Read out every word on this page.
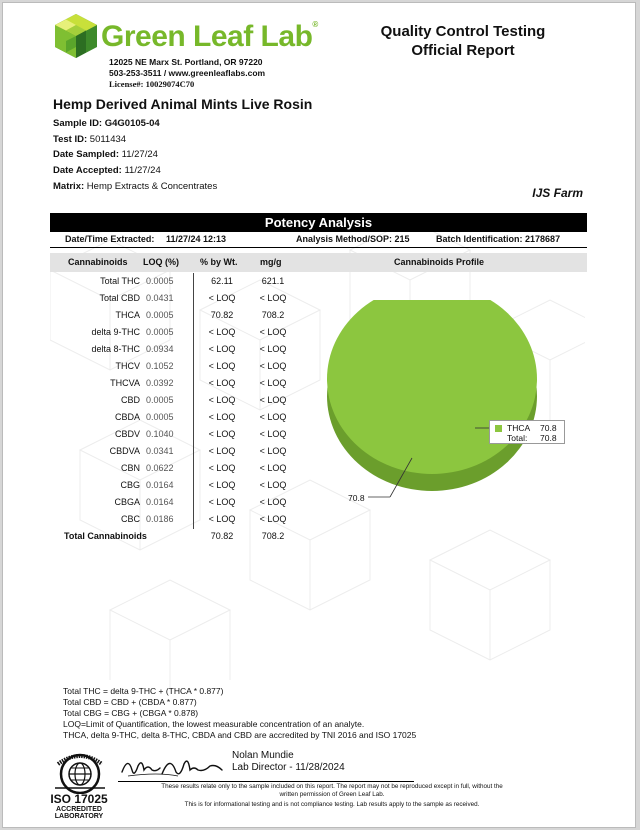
Green Leaf Lab®
12025 NE Marx St. Portland, OR 97220
503-253-3511 / www.greenleaflabs.com
License#: 10029074C70
Quality Control Testing
Official Report
Hemp Derived Animal Mints Live Rosin
Sample ID: G4G0105-04
Test ID: 5011434
Date Sampled: 11/27/24
Date Accepted: 11/27/24
Matrix: Hemp Extracts & Concentrates	IJS Farm
Potency Analysis
Date/Time Extracted: 11/27/24 12:13	Analysis Method/SOP: 215	Batch Identification: 2178687
Cannabinoids LOQ (%) % by Wt.	mg/g	Cannabinoids Profile
Total THC 0.0005	62.11	621.1
Total CBD 0.0431	< LOQ	< LOQ
THCA 0.0005	70.82	708.2
delta 9-THC 0.0005	< LOQ	< LOQ
delta 8-THC 0.0934	< LOQ	< LOQ
THCV 0.1052	< LOQ	< LOQ
THCVA 0.0392	< LOQ	< LOQ
CBD 0.0005	< LOQ	< LOQ
CBDA 0.0005	< LOQ	< LOQ
CBDV 0.1040	< LOQ	< LOQ
CBDVA 0.0341	< LOQ	< LOQ
CBN 0.0622	< LOQ	< LOQ
CBG 0.0164	< LOQ	< LOQ
CBGA 0.0164	< LOQ	< LOQ
CBC 0.0186	< LOQ	< LOQ
Total Cannabinoids	70.82	708.2
70.8
THCA 70.8
Total: 70.8
Total THC = delta 9-THC + (THCA * 0.877)
Total CBD = CBD + (CBDA * 0.877)
Total CBG = CBG + (CBGA * 0.878)
LOQ=Limit of Quantification, the lowest measurable concentration of an analyte.
THCA, delta 9-THC, delta 8-THC, CBDA and CBD are accredited by TNI 2016 and ISO 17025
ISO 17025
ACCREDITED
LABORATORY
Nolan Mundie
Lab Director - 11/28/2024
These results relate only to the sample included on this report. The report may not be reproduced except in full, without the
written permission of Green Leaf Lab.
This is for informational testing and is not compliance testing. Lab results apply to the sample as received.
